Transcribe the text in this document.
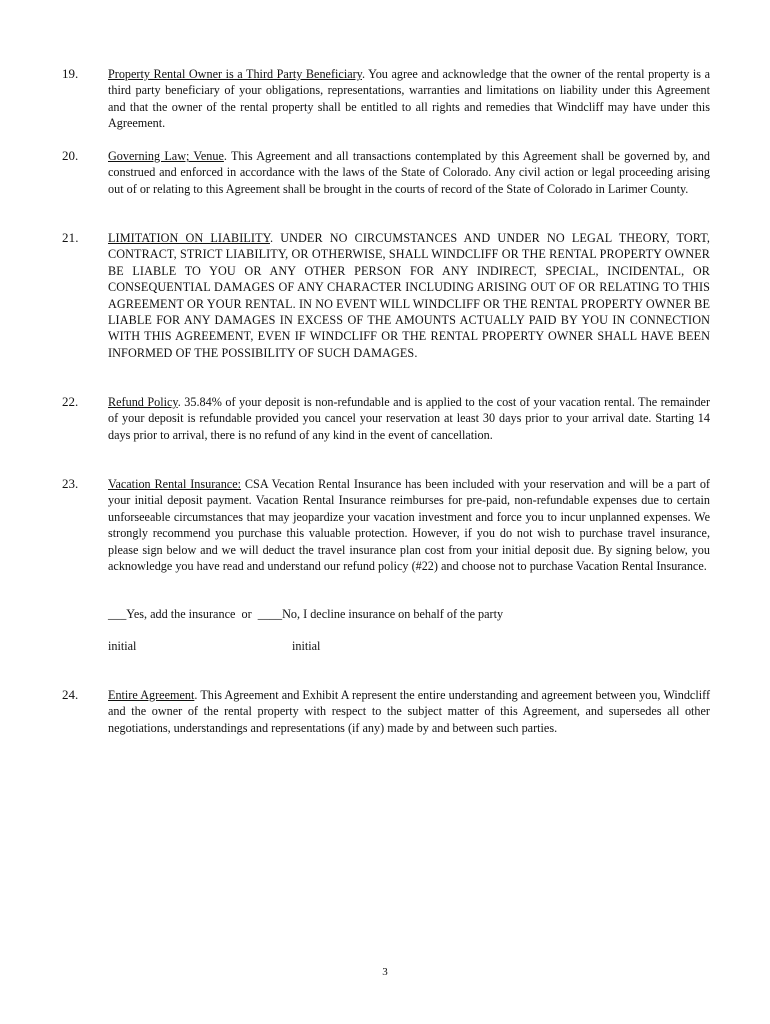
19. Property Rental Owner is a Third Party Beneficiary. You agree and acknowledge that the owner of the rental property is a third party beneficiary of your obligations, representations, warranties and limitations on liability under this Agreement and that the owner of the rental property shall be entitled to all rights and remedies that Windcliff may have under this Agreement.
20. Governing Law; Venue. This Agreement and all transactions contemplated by this Agreement shall be governed by, and construed and enforced in accordance with the laws of the State of Colorado. Any civil action or legal proceeding arising out of or relating to this Agreement shall be brought in the courts of record of the State of Colorado in Larimer County.
21. LIMITATION ON LIABILITY. UNDER NO CIRCUMSTANCES AND UNDER NO LEGAL THEORY, TORT, CONTRACT, STRICT LIABILITY, OR OTHERWISE, SHALL WINDCLIFF OR THE RENTAL PROPERTY OWNER BE LIABLE TO YOU OR ANY OTHER PERSON FOR ANY INDIRECT, SPECIAL, INCIDENTAL, OR CONSEQUENTIAL DAMAGES OF ANY CHARACTER INCLUDING ARISING OUT OF OR RELATING TO THIS AGREEMENT OR YOUR RENTAL. IN NO EVENT WILL WINDCLIFF OR THE RENTAL PROPERTY OWNER BE LIABLE FOR ANY DAMAGES IN EXCESS OF THE AMOUNTS ACTUALLY PAID BY YOU IN CONNECTION WITH THIS AGREEMENT, EVEN IF WINDCLIFF OR THE RENTAL PROPERTY OWNER SHALL HAVE BEEN INFORMED OF THE POSSIBILITY OF SUCH DAMAGES.
22. Refund Policy. 35.84% of your deposit is non-refundable and is applied to the cost of your vacation rental. The remainder of your deposit is refundable provided you cancel your reservation at least 30 days prior to your arrival date. Starting 14 days prior to arrival, there is no refund of any kind in the event of cancellation.
23. Vacation Rental Insurance: CSA Vecation Rental Insurance has been included with your reservation and will be a part of your initial deposit payment. Vacation Rental Insurance reimburses for pre-paid, non-refundable expenses due to certain unforseeable circumstances that may jeopardize your vacation investment and force you to incur unplanned expenses. We strongly recommend you purchase this valuable protection. However, if you do not wish to purchase travel insurance, please sign below and we will deduct the travel insurance plan cost from your initial deposit due. By signing below, you acknowledge you have read and understand our refund policy (#22) and choose not to purchase Vacation Rental Insurance.
___Yes, add the insurance  or  ____No, I decline insurance on behalf of the party
initial	initial
24. Entire Agreement. This Agreement and Exhibit A represent the entire understanding and agreement between you, Windcliff and the owner of the rental property with respect to the subject matter of this Agreement, and supersedes all other negotiations, understandings and representations (if any) made by and between such parties.
3
